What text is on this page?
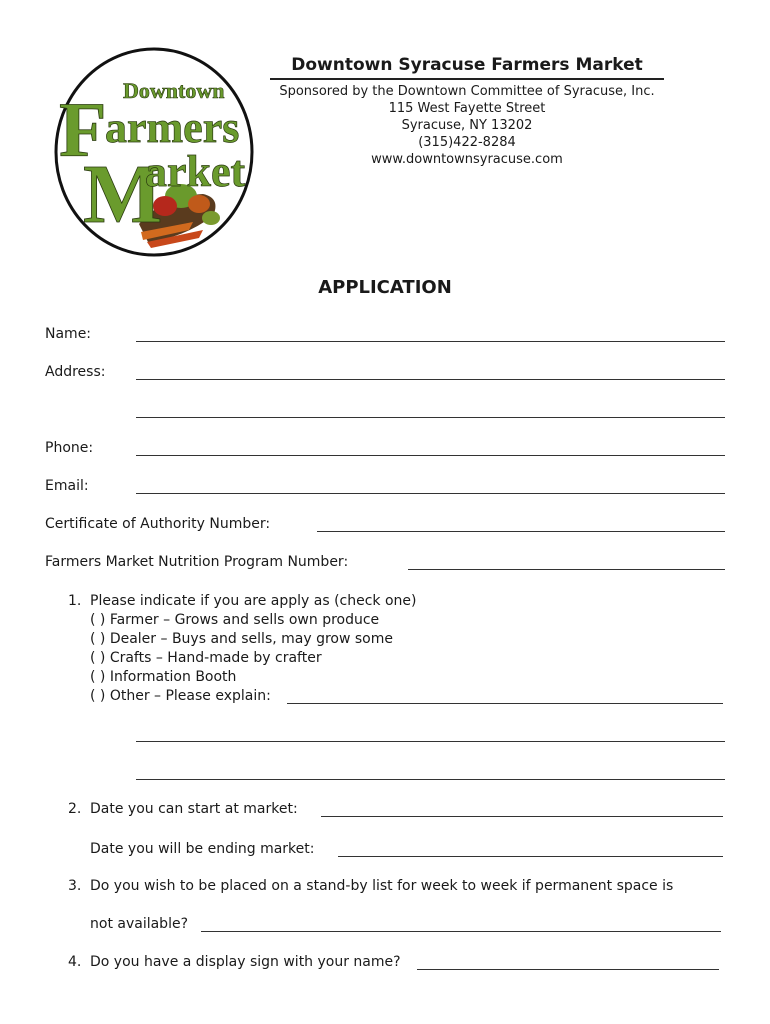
Downtown
F
armers
M
arket
Downtown Syracuse Farmers Market
Sponsored by the Downtown Committee of Syracuse, Inc.
115 West Fayette Street
Syracuse, NY 13202
(315)422-8284
www.downtownsyracuse.com
APPLICATION
Name:
Address:
Phone:
Email:
Certificate of Authority Number:
Farmers Market Nutrition Program Number:
1. Please indicate if you are apply as (check one)
( ) Farmer – Grows and sells own produce
( ) Dealer – Buys and sells, may grow some
( ) Crafts – Hand-made by crafter
( ) Information Booth
( ) Other – Please explain:
2. Date you can start at market:
Date you will be ending market:
3. Do you wish to be placed on a stand-by list for week to week if permanent space is
not available?
4. Do you have a display sign with your name?
